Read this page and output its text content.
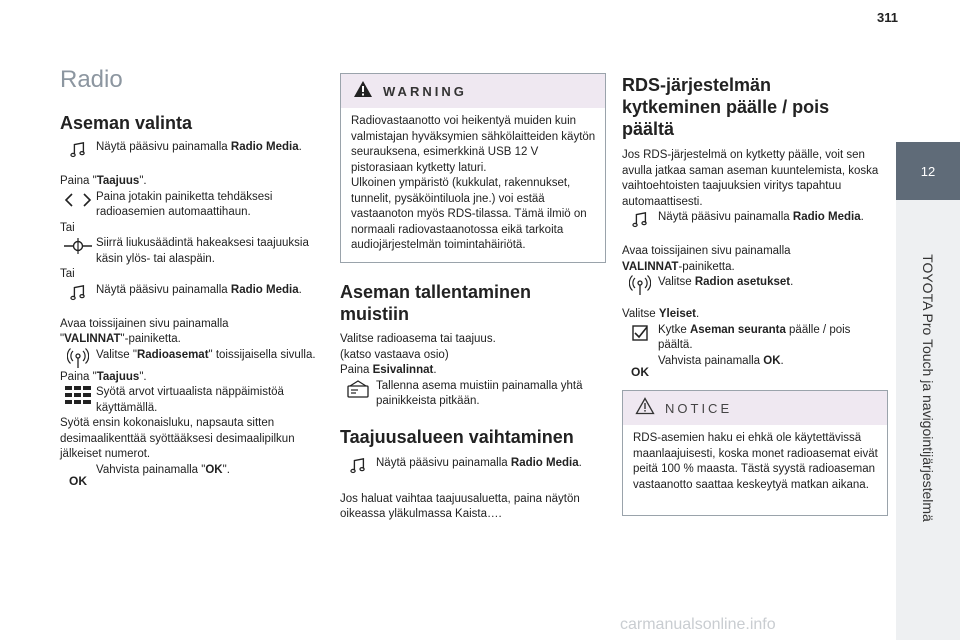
311
12
TOYOTA Pro Touch ja navigointijärjestelmä
Radio
Aseman valinta

Näytä pääsivu painamalla Radio Media.

Paina "Taajuus".

Paina jotakin painiketta tehdäksesi radioasemien automaattihaun.

Tai

Siirrä liukusäädintä hakeaksesi taajuuksia käsin ylös- tai alaspäin.

Tai

Näytä pääsivu painamalla Radio Media.

Avaa toissijainen sivu painamalla

"VALINNAT"-painiketta.

Valitse "Radioasemat" toissijaisella sivulla.

Paina "Taajuus".

Syötä arvot virtuaalista näppäimistöä käyttämällä.

Syötä ensin kokonaisluku, napsauta sitten desimaalikenttää syöttääksesi desimaalipilkun jälkeiset numerot.

OK

Vahvista painamalla "OK".

WARNING

Radiovastaanotto voi heikentyä muiden kuin valmistajan hyväksymien sähkölaitteiden käytön seurauksena, esimerkkinä USB 12 V pistorasiaan kytketty laturi.
Ulkoinen ympäristö (kukkulat, rakennukset, tunnelit, pysäköintiluola jne.) voi estää vastaanoton myös RDS-tilassa. Tämä ilmiö on normaali radiovastaanotossa eikä tarkoita audiojärjestelmän toimintahäiriötä.

Aseman tallentaminen muistiin

Valitse radioasema tai taajuus.

(katso vastaava osio)

Paina Esivalinnat.

Tallenna asema muistiin painamalla yhtä painikkeista pitkään.

Taajuusalueen vaihtaminen

Näytä pääsivu painamalla Radio Media.

Jos haluat vaihtaa taajuusaluetta, paina näytön oikeassa yläkulmassa Kaista….

RDS-järjestelmän kytkeminen päälle / pois päältä

Jos RDS-järjestelmä on kytketty päälle, voit sen avulla jatkaa saman aseman kuuntelemista, koska vaihtoehtoisten taajuuksien viritys tapahtuu automaattisesti.

Näytä pääsivu painamalla Radio Media.

Avaa toissijainen sivu painamalla

VALINNAT-painiketta.

Valitse Radion asetukset.

Valitse Yleiset.

Kytke Aseman seuranta päälle / pois päältä.

OK

Vahvista painamalla OK.

NOTICE

RDS-asemien haku ei ehkä ole käytettävissä maanlaajuisesti, koska monet radioasemat eivät peitä 100 % maasta. Tästä syystä radioaseman vastaanotto saattaa keskeytyä matkan aikana.

carmanualsonline.info
